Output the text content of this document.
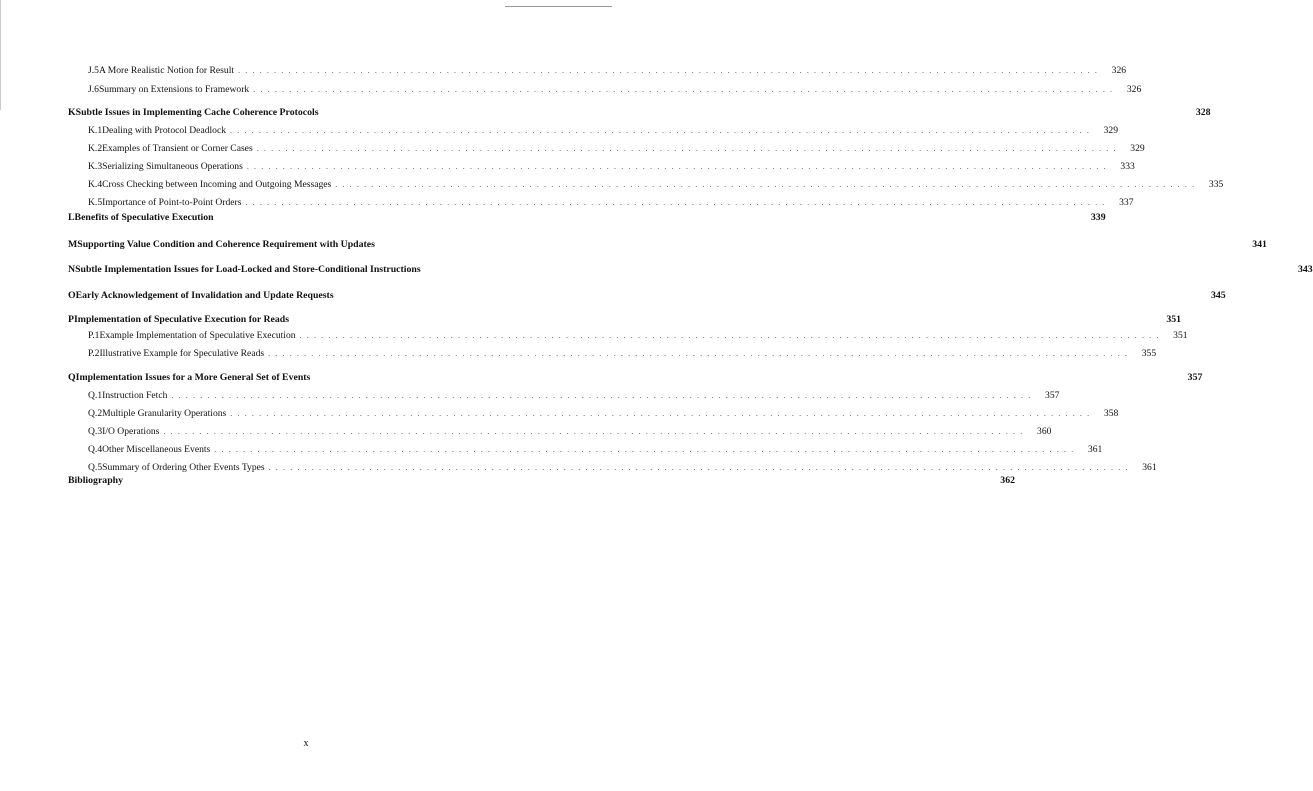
J.5 A More Realistic Notion for Result ........................................................................................................................	326
J.6 Summary on Extensions to Framework ........................................................................................................................	326
K Subtle Issues in Implementing Cache Coherence Protocols	328
K.1 Dealing with Protocol Deadlock ........................................................................................................................	329
K.2 Examples of Transient or Corner Cases ........................................................................................................................	329
K.3 Serializing Simultaneous Operations ........................................................................................................................	333
K.4 Cross Checking between Incoming and Outgoing Messages ........................................................................................................................	335
K.5 Importance of Point-to-Point Orders ........................................................................................................................	337
L Benefits of Speculative Execution	339
M Supporting Value Condition and Coherence Requirement with Updates	341
N Subtle Implementation Issues for Load-Locked and Store-Conditional Instructions	343
O Early Acknowledgement of Invalidation and Update Requests	345
P Implementation of Speculative Execution for Reads	351
P.1 Example Implementation of Speculative Execution ........................................................................................................................	351
P.2 Illustrative Example for Speculative Reads ........................................................................................................................	355
Q Implementation Issues for a More General Set of Events	357
Q.1 Instruction Fetch ........................................................................................................................	357
Q.2 Multiple Granularity Operations ........................................................................................................................	358
Q.3 I/O Operations ........................................................................................................................	360
Q.4 Other Miscellaneous Events ........................................................................................................................	361
Q.5 Summary of Ordering Other Events Types ........................................................................................................................	361
Bibliography	362
x
